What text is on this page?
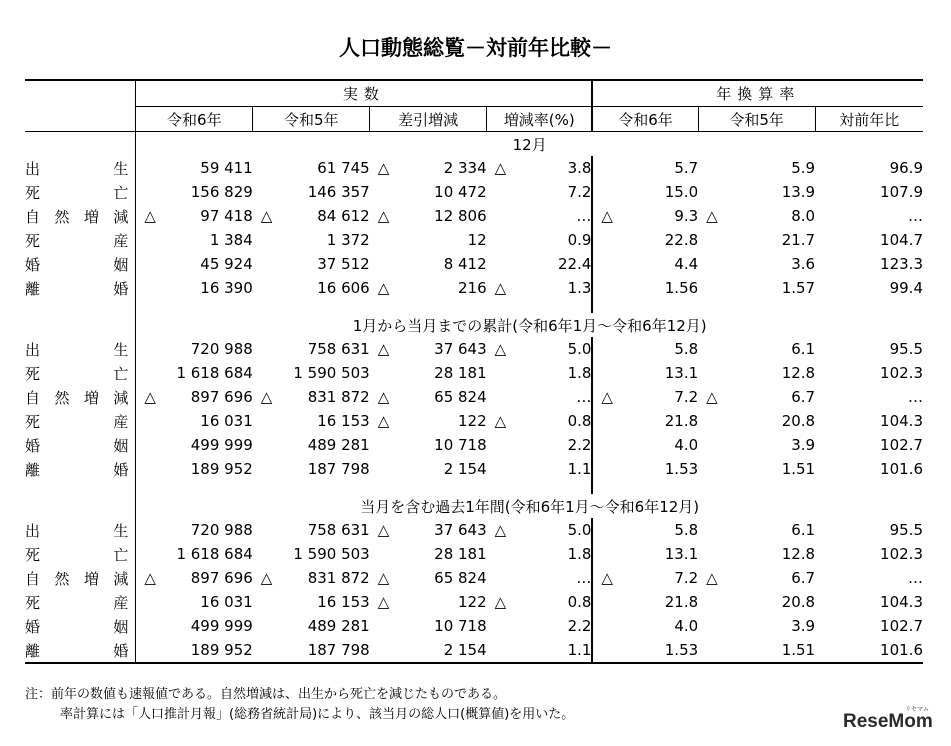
人口動態総覧－対前年比較－
	実数				年換算率		
	令和6年	令和5年	差引増減	増減率(%)	令和6年	令和5年	対前年比
	12月						

出 生	59 411	61 745	△ 2 334	△ 3.8	5.7	5.9	96.9

死 亡	156 829	146 357	10 472	7.2	15.0	13.9	107.9

自 然 増 減	△ 97 418	△ 84 612	△ 12 806	…	△ 9.3	△ 8.0	…

死 産	1 384	1 372	12	0.9	22.8	21.7	104.7

婚 姻	45 924	37 512	8 412	22.4	4.4	3.6	123.3

離 婚	16 390	16 606	△ 216	△ 1.3	1.56	1.57	99.4

	1月から当月までの累計(令和6年1月～令和6年12月)						

出 生	720 988	758 631	△ 37 643	△ 5.0	5.8	6.1	95.5

死 亡	1 618 684	1 590 503	28 181	1.8	13.1	12.8	102.3

自 然 増 減	△ 897 696	△ 831 872	△ 65 824	…	△ 7.2	△ 6.7	…

死 産	16 031	16 153	△ 122	△ 0.8	21.8	20.8	104.3

婚 姻	499 999	489 281	10 718	2.2	4.0	3.9	102.7

離 婚	189 952	187 798	2 154	1.1	1.53	1.51	101.6

	当月を含む過去1年間(令和6年1月～令和6年12月)						

出 生	720 988	758 631	△ 37 643	△ 5.0	5.8	6.1	95.5

死 亡	1 618 684	1 590 503	28 181	1.8	13.1	12.8	102.3

自 然 増 減	△ 897 696	△ 831 872	△ 65 824	…	△ 7.2	△ 6.7	…

死 産	16 031	16 153	△ 122	△ 0.8	21.8	20.8	104.3

婚 姻	499 999	489 281	10 718	2.2	4.0	3.9	102.7

離 婚	189 952	187 798	2 154	1.1	1.53	1.51	101.6
注：前年の数値も速報値である。自然増減は、出生から死亡を減じたものである。
率計算には「人口推計月報」(総務省統計局)により、該当月の総人口(概算値)を用いた。	リセマム
ReseMom
